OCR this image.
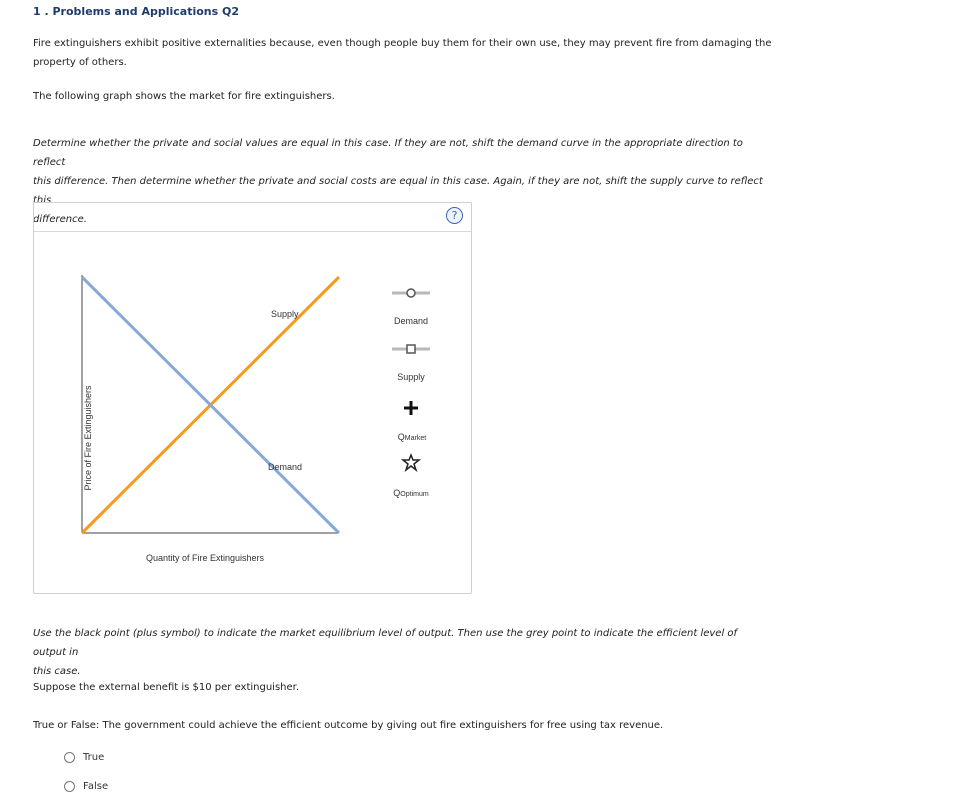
1 . Problems and Applications Q2
Fire extinguishers exhibit positive externalities because, even though people buy them for their own use, they may prevent fire from damaging the
property of others.
The following graph shows the market for fire extinguishers.
Determine whether the private and social values are equal in this case. If they are not, shift the demand curve in the appropriate direction to reflect
this difference. Then determine whether the private and social costs are equal in this case. Again, if they are not, shift the supply curve to reflect this
difference.	?
Price of Fire Extinguishers
Supply
Demand
Quantity of Fire Extinguishers
Demand
Supply
QMarket
QOptimum
Use the black point (plus symbol) to indicate the market equilibrium level of output. Then use the grey point to indicate the efficient level of output in
this case.
Suppose the external benefit is $10 per extinguisher.
True or False: The government could achieve the efficient outcome by giving out fire extinguishers for free using tax revenue.
True
False
